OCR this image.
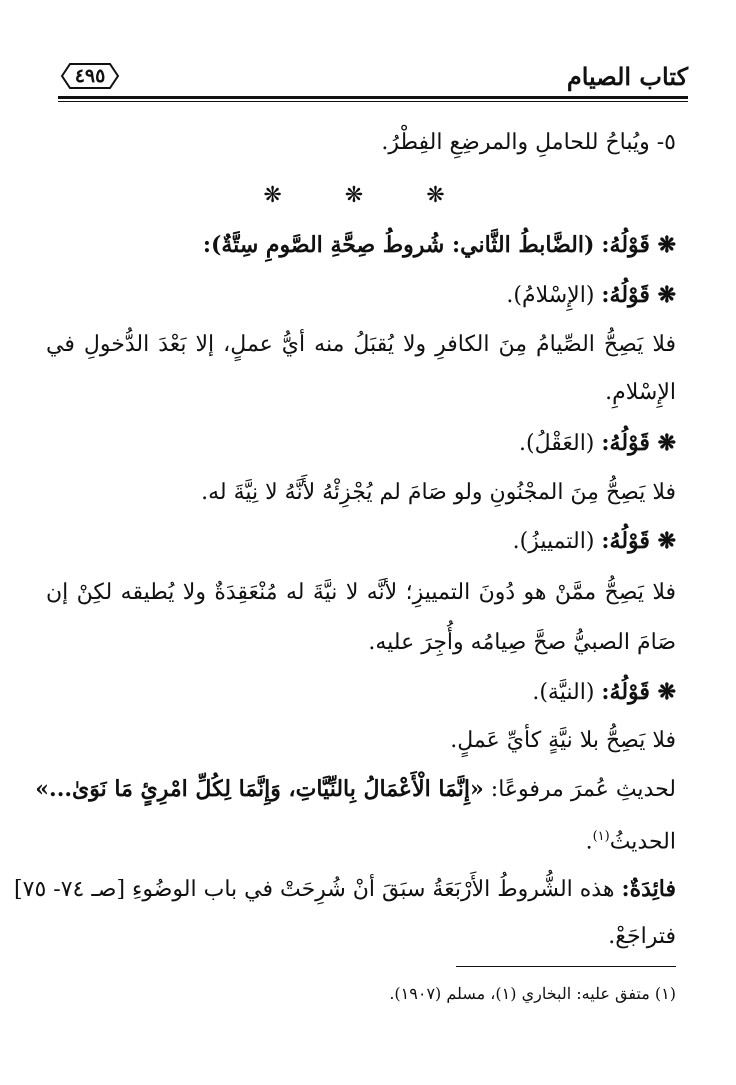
كتاب الصيام
٤٩٥
٥- ويُباحُ للحاملِ والمرضِعِ الفِطْرُ.
❋ ❋ ❋
❋ قَوْلُهُ: (الضَّابطُ الثَّاني: شُروطُ صِحَّةِ الصَّومِ سِتَّةٌ):
❋ قَوْلُهُ: (الإِسْلامُ).
فلا يَصِحُّ الصِّيامُ مِنَ الكافرِ ولا يُقبَلُ منه أيُّ عملٍ، إلا بَعْدَ الدُّخولِ في
الإِسْلامِ.
❋ قَوْلُهُ: (العَقْلُ).
فلا يَصِحُّ مِنَ المجْنُونِ ولو صَامَ لم يُجْزِئْهُ لأَنَّهُ لا نِيَّةَ له.
❋ قَوْلُهُ: (التمييزُ).
فلا يَصِحُّ ممَّنْ هو دُونَ التمييزِ؛ لأنَّه لا نيَّةَ له مُنْعَقِدَةٌ ولا يُطيقه لكِنْ إن
صَامَ الصبيُّ صحَّ صِيامُه وأُجِرَ عليه.
❋ قَوْلُهُ: (النيَّة).
فلا يَصِحُّ بلا نيَّةٍ كأيِّ عَملٍ.
لحديثِ عُمرَ مرفوعًا: «إِنَّمَا الْأَعْمَالُ بِالنِّيَّاتِ، وَإِنَّمَا لِكُلِّ امْرِئٍ مَا نَوَىٰ...»
الحديثُ$^{(١)}$.
فائِدَةٌ: هذه الشُّروطُ الأَرْبَعَةُ سبَقَ أنْ شُرِحَتْ في باب الوضُوءِ [صـ ٧٤- ٧٥]
فتراجَعْ.
(١) متفق عليه: البخاري (١)، مسلم (١٩٠٧).
